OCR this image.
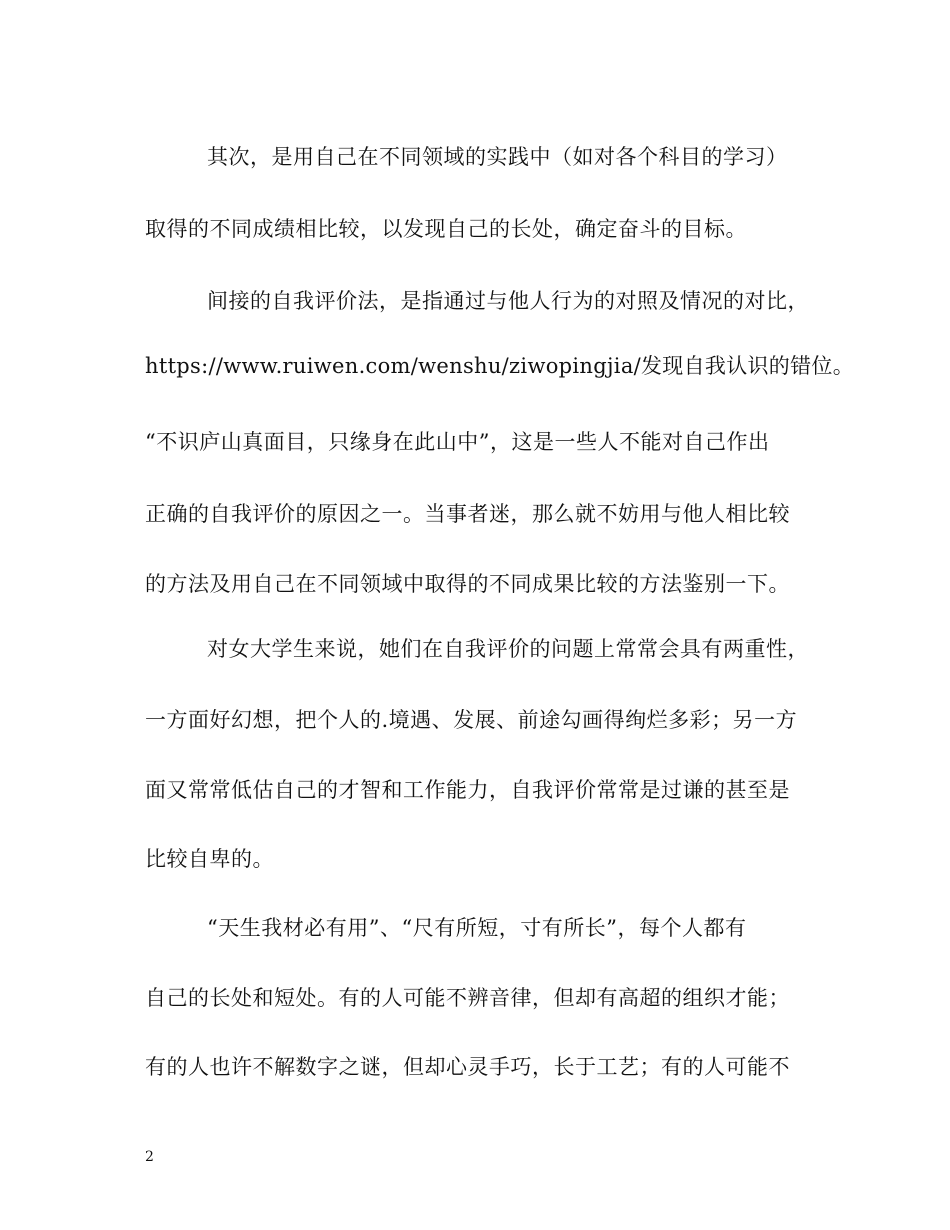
其次，是用自己在不同领域的实践中（如对各个科目的学习）
取得的不同成绩相比较，以发现自己的长处，确定奋斗的目标。
间接的自我评价法，是指通过与他人行为的对照及情况的对比，
https://www.ruiwen.com/wenshu/ziwopingjia/发现自我认识的错位。
“不识庐山真面目，只缘身在此山中”，这是一些人不能对自己作出
正确的自我评价的原因之一。当事者迷，那么就不妨用与他人相比较
的方法及用自己在不同领域中取得的不同成果比较的方法鉴别一下。
对女大学生来说，她们在自我评价的问题上常常会具有两重性，
一方面好幻想，把个人的.境遇、发展、前途勾画得绚烂多彩；另一方
面又常常低估自己的才智和工作能力，自我评价常常是过谦的甚至是
比较自卑的。
“天生我材必有用”、“尺有所短，寸有所长”，每个人都有
自己的长处和短处。有的人可能不辨音律，但却有高超的组织才能；
有的人也许不解数字之谜，但却心灵手巧，长于工艺；有的人可能不
2
